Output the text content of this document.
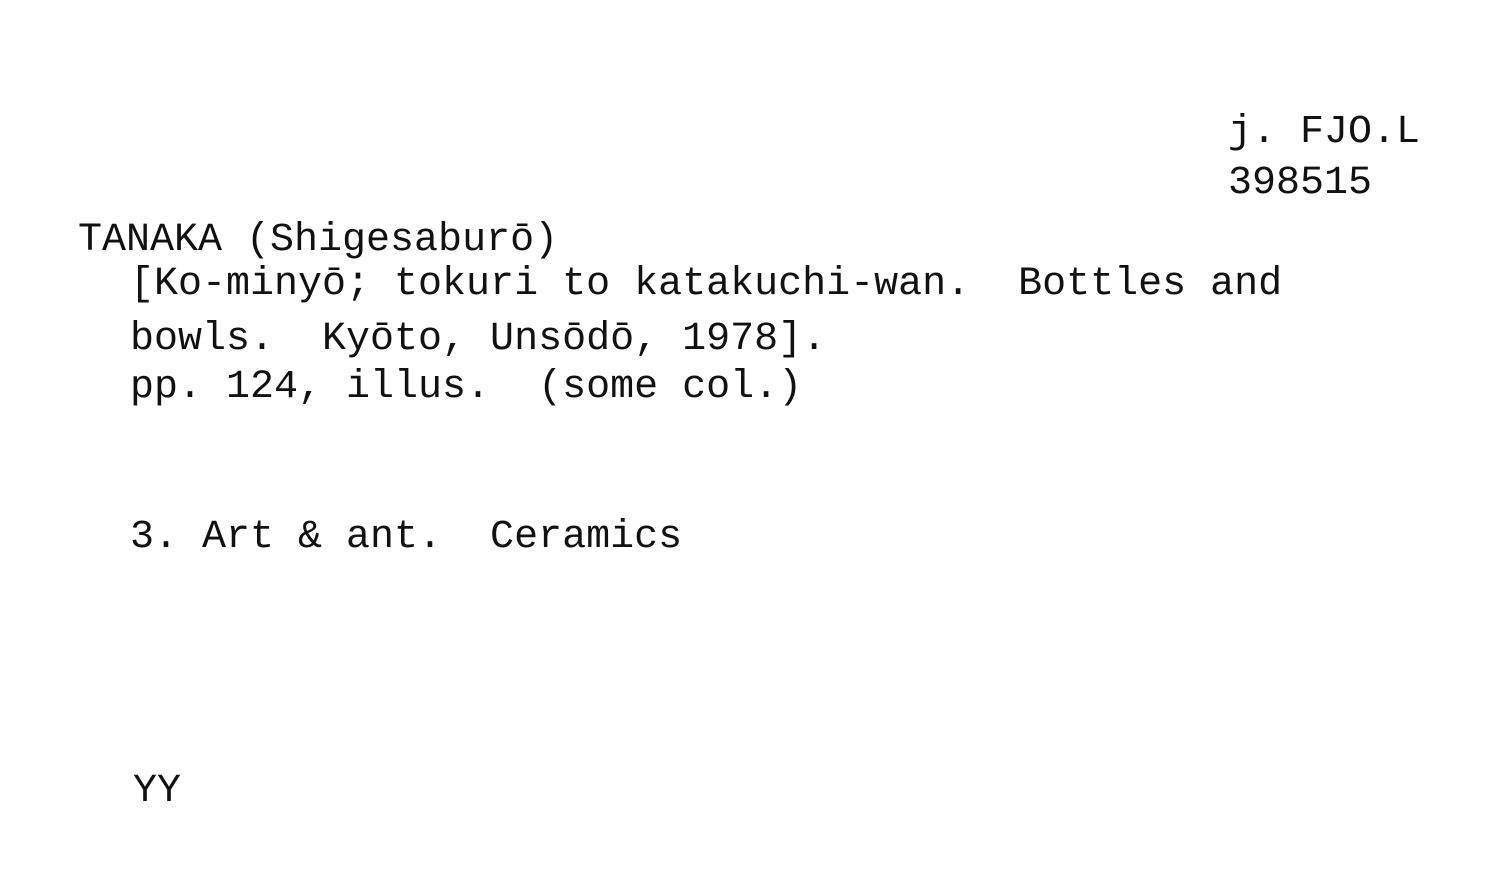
j. FJO.L

398515

TANAKA (Shigesaburō)

[Ko-minyō; tokuri to katakuchi-wan.  Bottles and

bowls.  Kyōto, Unsōdō, 1978].

pp. 124, illus.  (some col.)

3. Art & ant.  Ceramics

YY
